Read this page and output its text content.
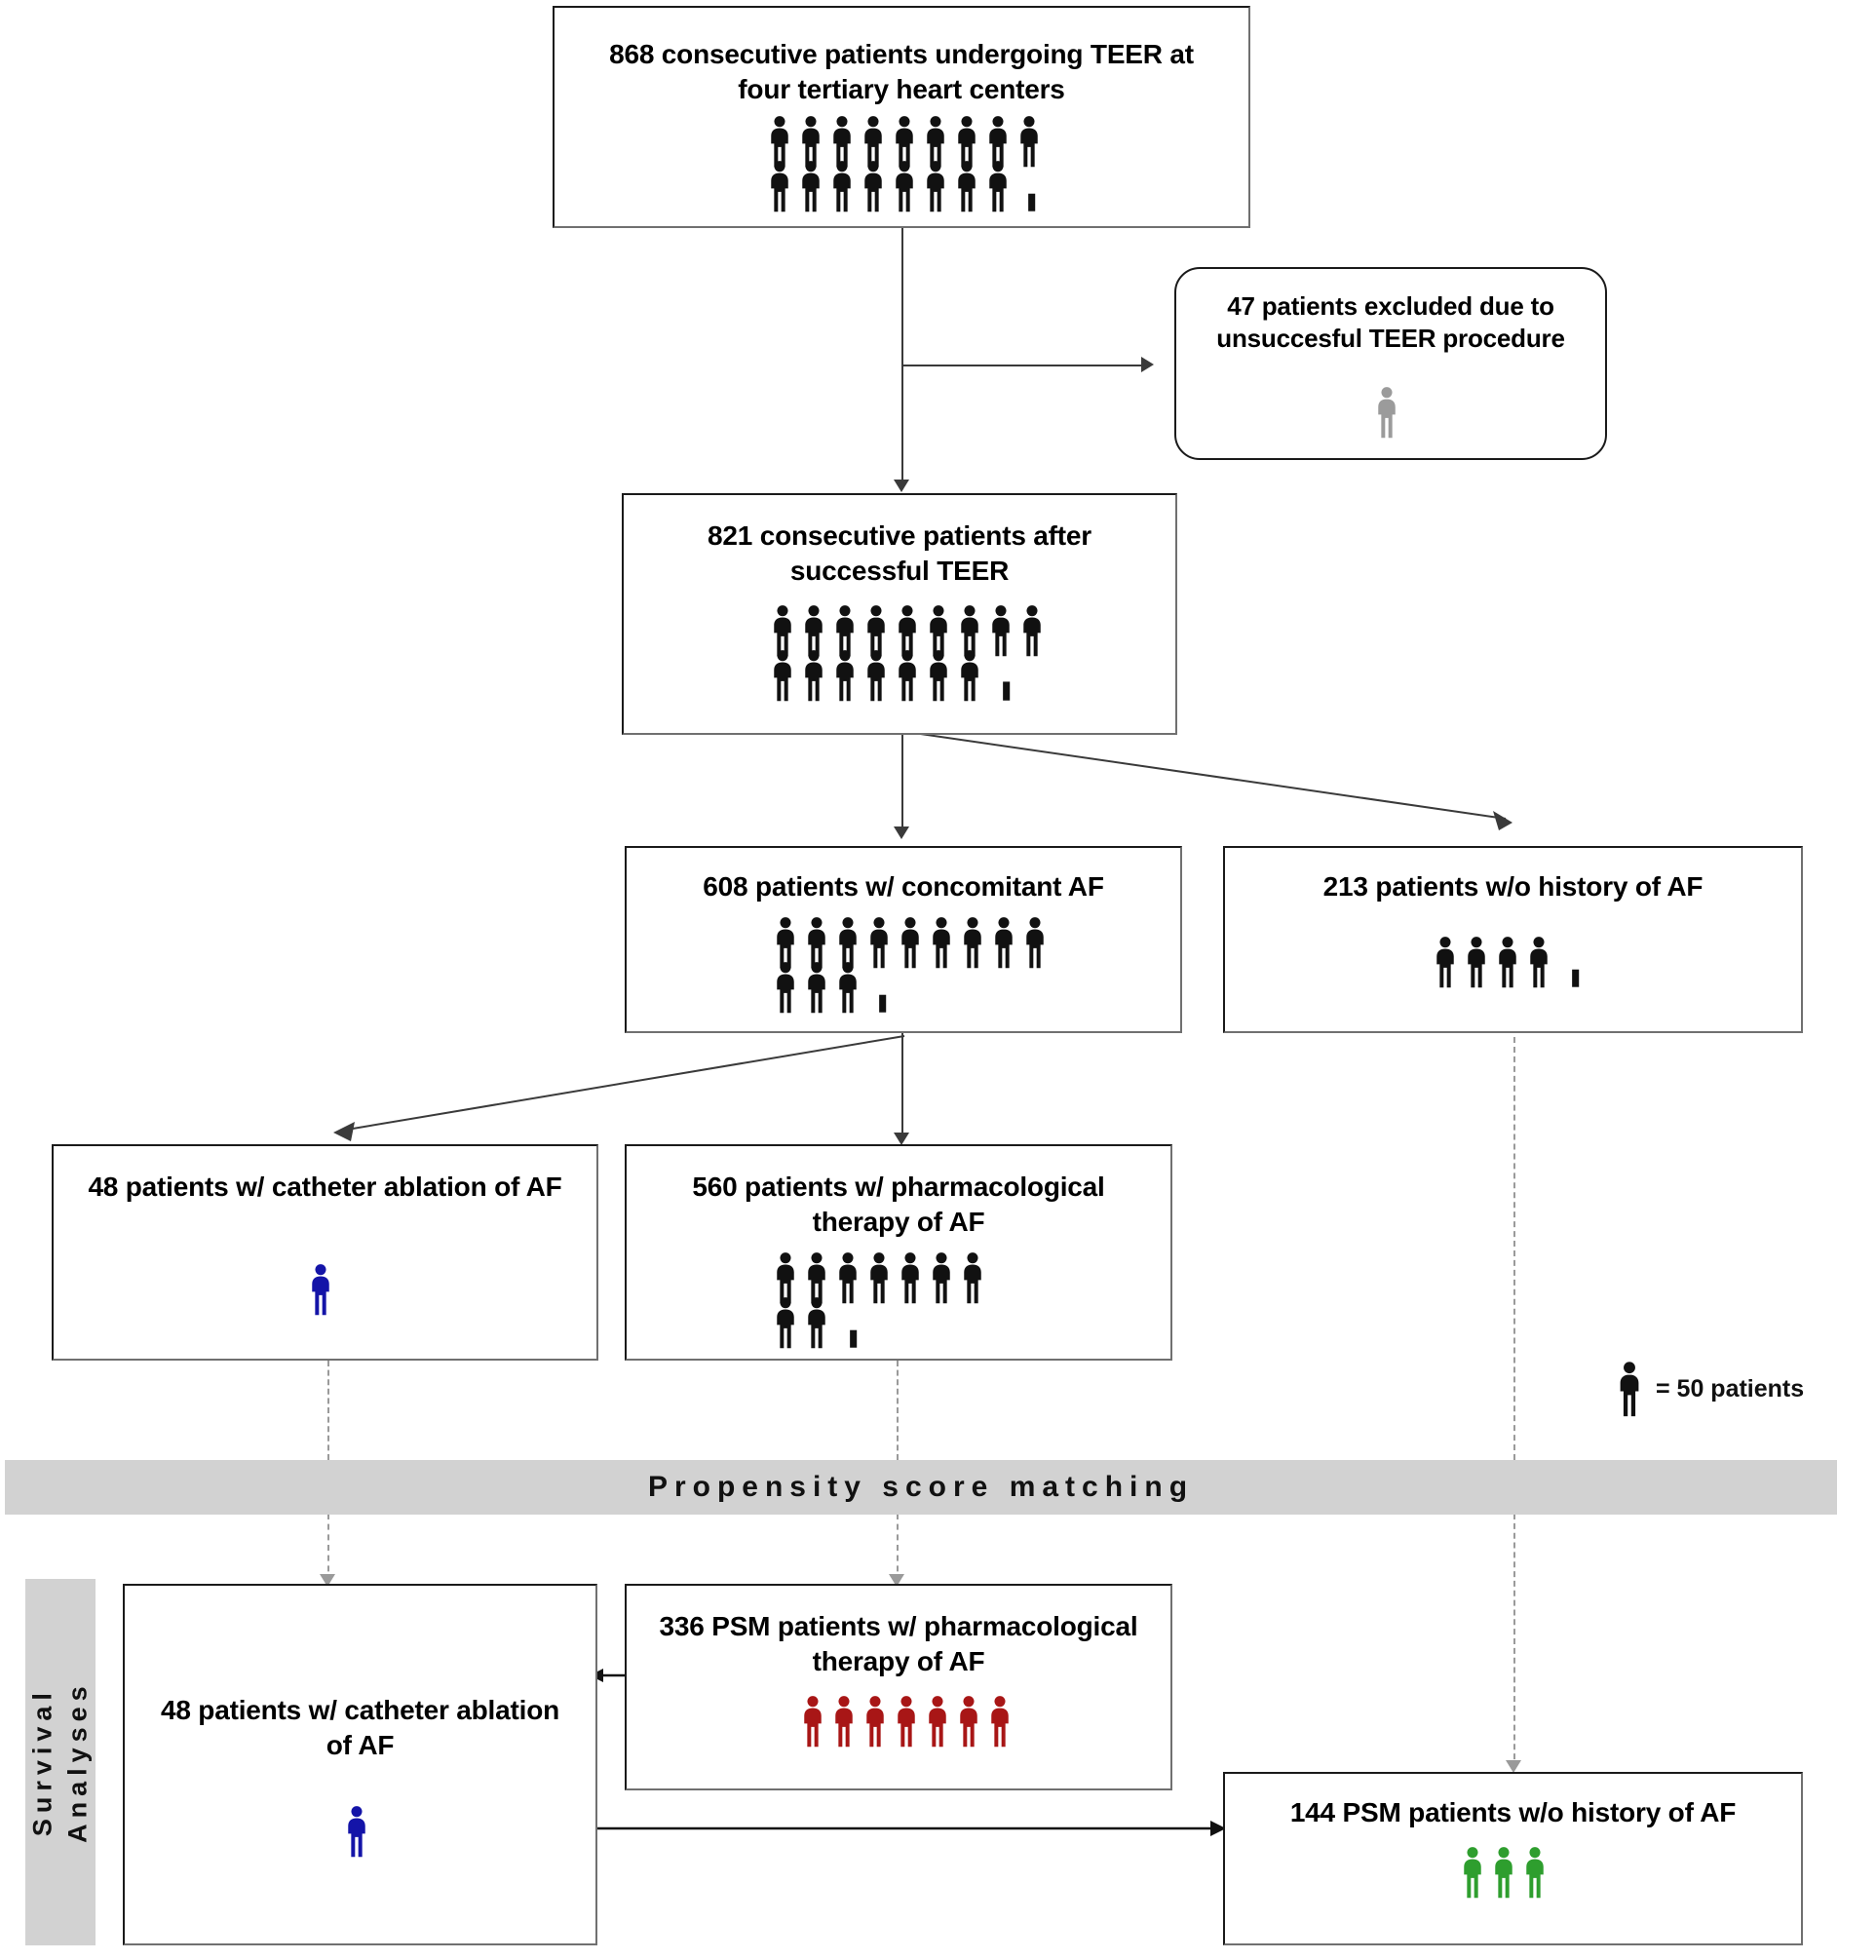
868 consecutive patients undergoing TEER at four tertiary heart centers
47 patients excluded due to unsuccesful TEER procedure
821 consecutive patients after successful TEER
608 patients w/ concomitant AF	213 patients w/o history of AF
48 patients w/ catheter ablation of AF	560 patients w/ pharmacological therapy of AF
= 50 patients
Propensity score matching
Survival Analyses	48 patients w/ catheter ablation of AF
336 PSM patients w/ pharmacological therapy of AF
144 PSM patients w/o history of AF
